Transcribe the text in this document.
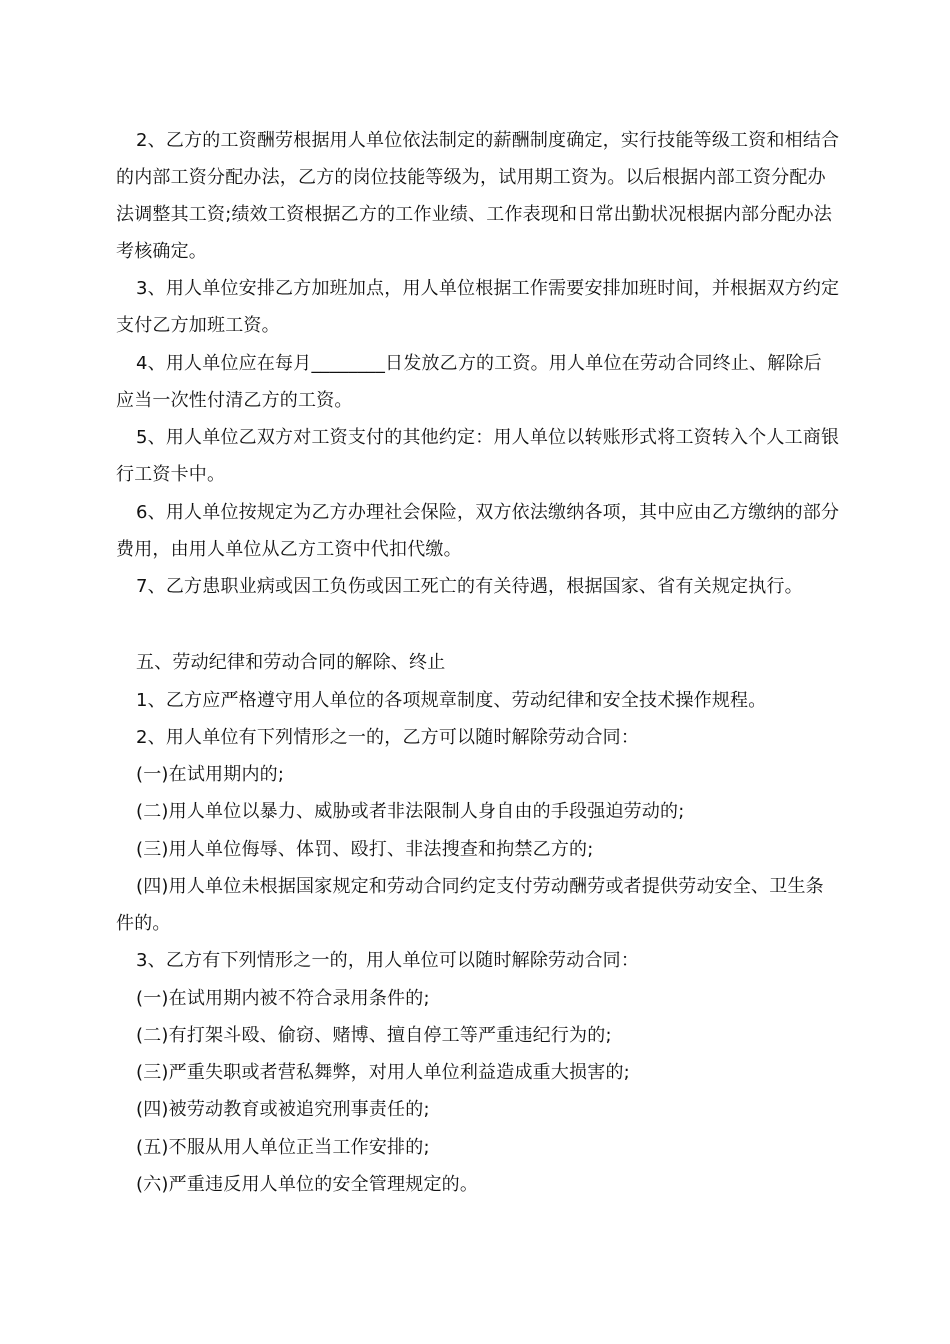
2、乙方的工资酬劳根据用人单位依法制定的薪酬制度确定，实行技能等级工资和相结合的内部工资分配办法，乙方的岗位技能等级为，试用期工资为。以后根据内部工资分配办法调整其工资;绩效工资根据乙方的工作业绩、工作表现和日常出勤状况根据内部分配办法考核确定。
3、用人单位安排乙方加班加点，用人单位根据工作需要安排加班时间，并根据双方约定支付乙方加班工资。
4、用人单位应在每月________日发放乙方的工资。用人单位在劳动合同终止、解除后应当一次性付清乙方的工资。
5、用人单位乙双方对工资支付的其他约定：用人单位以转账形式将工资转入个人工商银行工资卡中。
6、用人单位按规定为乙方办理社会保险，双方依法缴纳各项，其中应由乙方缴纳的部分费用，由用人单位从乙方工资中代扣代缴。
7、乙方患职业病或因工负伤或因工死亡的有关待遇，根据国家、省有关规定执行。
五、劳动纪律和劳动合同的解除、终止
1、乙方应严格遵守用人单位的各项规章制度、劳动纪律和安全技术操作规程。
2、用人单位有下列情形之一的，乙方可以随时解除劳动合同：
(一)在试用期内的;
(二)用人单位以暴力、威胁或者非法限制人身自由的手段强迫劳动的;
(三)用人单位侮辱、体罚、殴打、非法搜查和拘禁乙方的;
(四)用人单位未根据国家规定和劳动合同约定支付劳动酬劳或者提供劳动安全、卫生条件的。
3、乙方有下列情形之一的，用人单位可以随时解除劳动合同：
(一)在试用期内被不符合录用条件的;
(二)有打架斗殴、偷窃、赌博、擅自停工等严重违纪行为的;
(三)严重失职或者营私舞弊，对用人单位利益造成重大损害的;
(四)被劳动教育或被追究刑事责任的;
(五)不服从用人单位正当工作安排的;
(六)严重违反用人单位的安全管理规定的。
